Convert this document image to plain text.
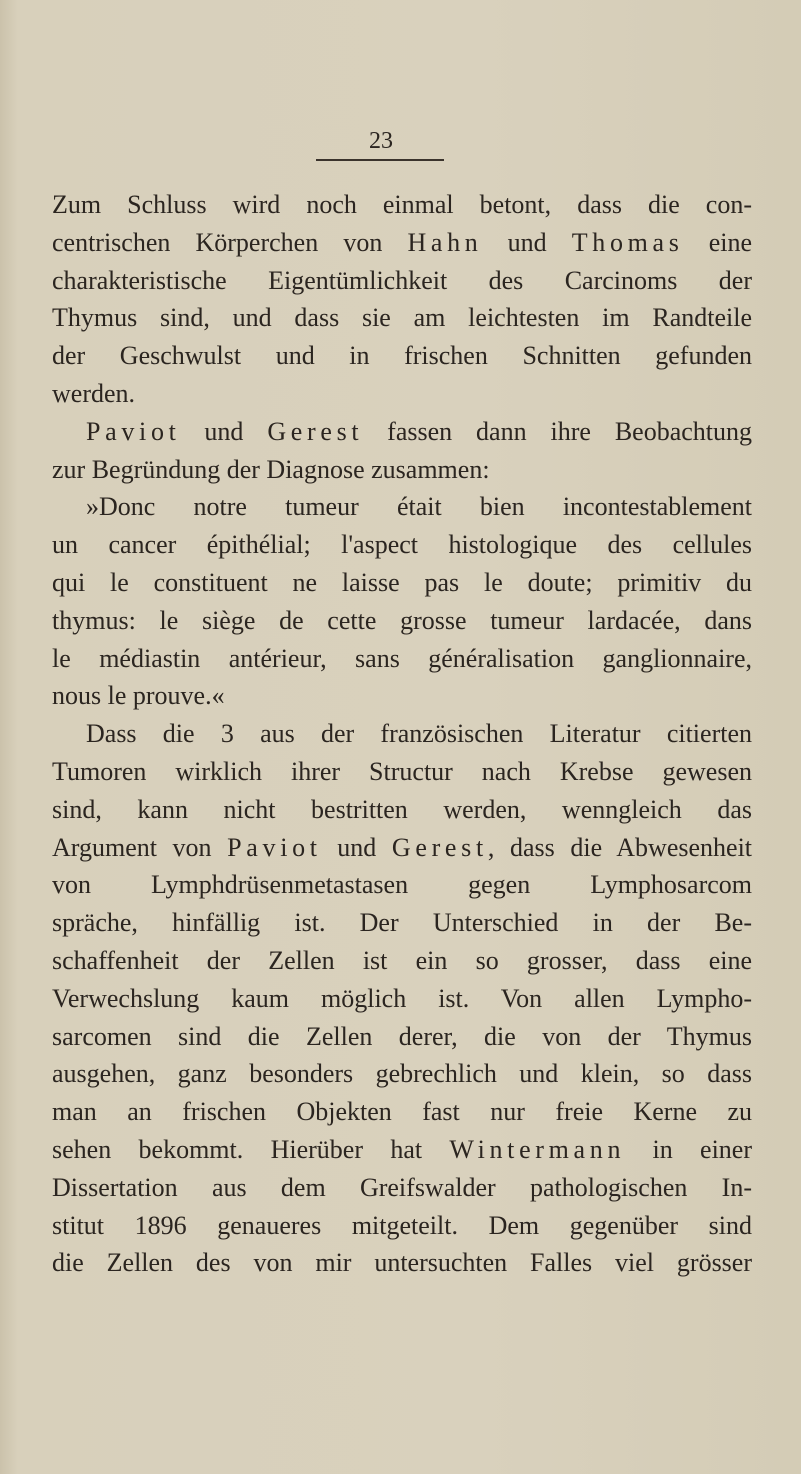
23
Zum Schluss wird noch einmal betont, dass die con-
centrischen Körperchen von Hahn und Thomas eine
charakteristische Eigentümlichkeit des Carcinoms der
Thymus sind, und dass sie am leichtesten im Randteile
der Geschwulst und in frischen Schnitten gefunden
werden.
Paviot und Gerest fassen dann ihre Beobachtung
zur Begründung der Diagnose zusammen:
»Donc notre tumeur était bien incontestablement
un cancer épithélial; l'aspect histologique des cellules
qui le constituent ne laisse pas le doute; primitiv du
thymus: le siège de cette grosse tumeur lardacée, dans
le médiastin antérieur, sans généralisation ganglionnaire,
nous le prouve.«
Dass die 3 aus der französischen Literatur citierten
Tumoren wirklich ihrer Structur nach Krebse gewesen
sind, kann nicht bestritten werden, wenngleich das
Argument von Paviot und Gerest, dass die Abwesenheit
von Lymphdrüsenmetastasen gegen Lymphosarcom
spräche, hinfällig ist. Der Unterschied in der Be-
schaffenheit der Zellen ist ein so grosser, dass eine
Verwechslung kaum möglich ist. Von allen Lympho-
sarcomen sind die Zellen derer, die von der Thymus
ausgehen, ganz besonders gebrechlich und klein, so dass
man an frischen Objekten fast nur freie Kerne zu
sehen bekommt. Hierüber hat Wintermann in einer
Dissertation aus dem Greifswalder pathologischen In-
stitut 1896 genaueres mitgeteilt. Dem gegenüber sind
die Zellen des von mir untersuchten Falles viel grösser
